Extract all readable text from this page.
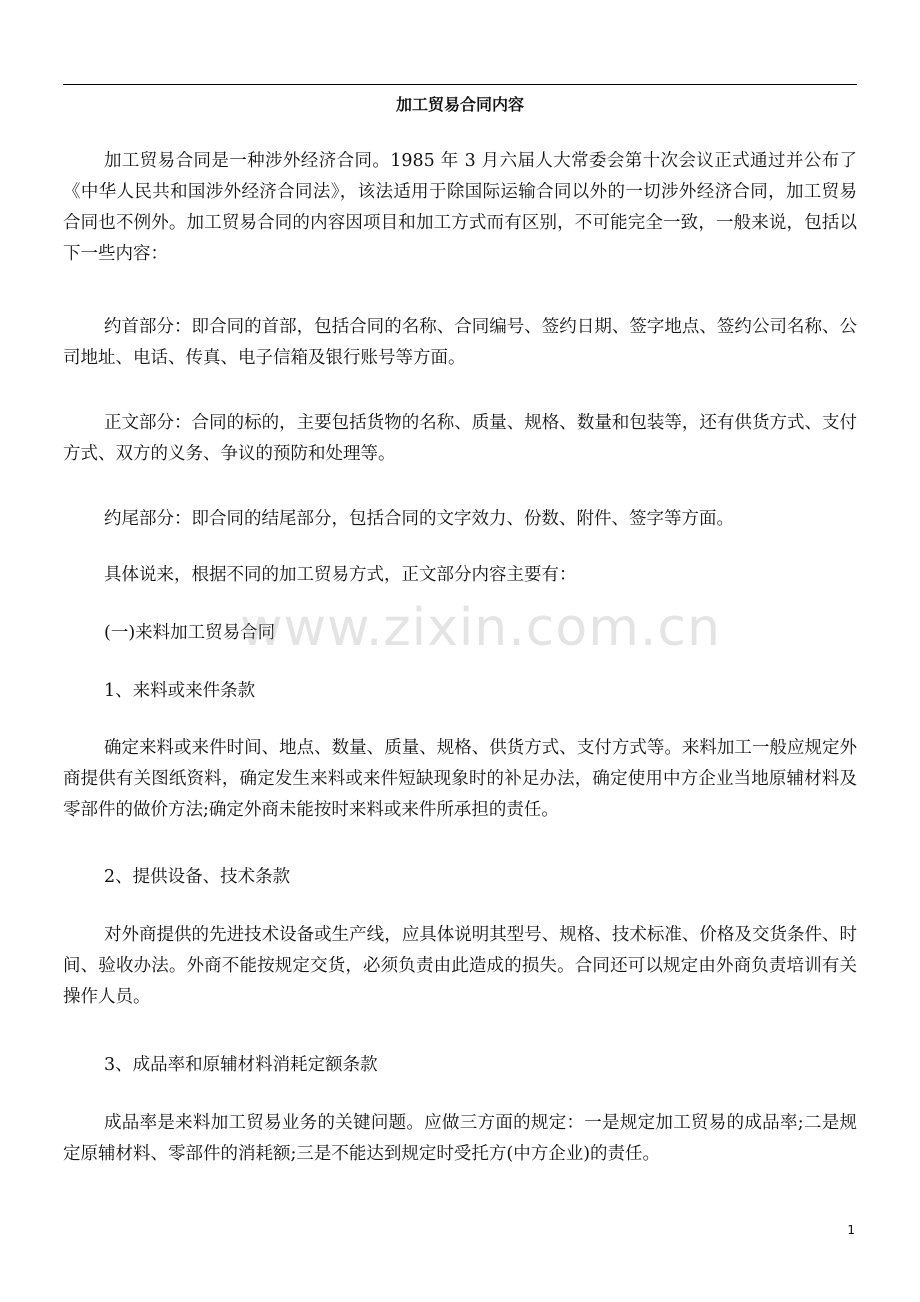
加工贸易合同内容

加工贸易合同是一种涉外经济合同。1985 年 3 月六届人大常委会第十次会议正式通过并公布了《中华人民共和国涉外经济合同法》，该法适用于除国际运输合同以外的一切涉外经济合同，加工贸易合同也不例外。加工贸易合同的内容因项目和加工方式而有区别，不可能完全一致，一般来说，包括以下一些内容：

约首部分：即合同的首部，包括合同的名称、合同编号、签约日期、签字地点、签约公司名称、公司地址、电话、传真、电子信箱及银行账号等方面。

正文部分：合同的标的，主要包括货物的名称、质量、规格、数量和包装等，还有供货方式、支付方式、双方的义务、争议的预防和处理等。

约尾部分：即合同的结尾部分，包括合同的文字效力、份数、附件、签字等方面。

具体说来，根据不同的加工贸易方式，正文部分内容主要有：

(一)来料加工贸易合同

1、来料或来件条款

确定来料或来件时间、地点、数量、质量、规格、供货方式、支付方式等。来料加工一般应规定外商提供有关图纸资料，确定发生来料或来件短缺现象时的补足办法，确定使用中方企业当地原辅材料及零部件的做价方法;确定外商未能按时来料或来件所承担的责任。

2、提供设备、技术条款

对外商提供的先进技术设备或生产线，应具体说明其型号、规格、技术标准、价格及交货条件、时间、验收办法。外商不能按规定交货，必须负责由此造成的损失。合同还可以规定由外商负责培训有关操作人员。

3、成品率和原辅材料消耗定额条款

成品率是来料加工贸易业务的关键问题。应做三方面的规定：一是规定加工贸易的成品率;二是规定原辅材料、零部件的消耗额;三是不能达到规定时受托方(中方企业)的责任。

www.zixin.com.cn
1
